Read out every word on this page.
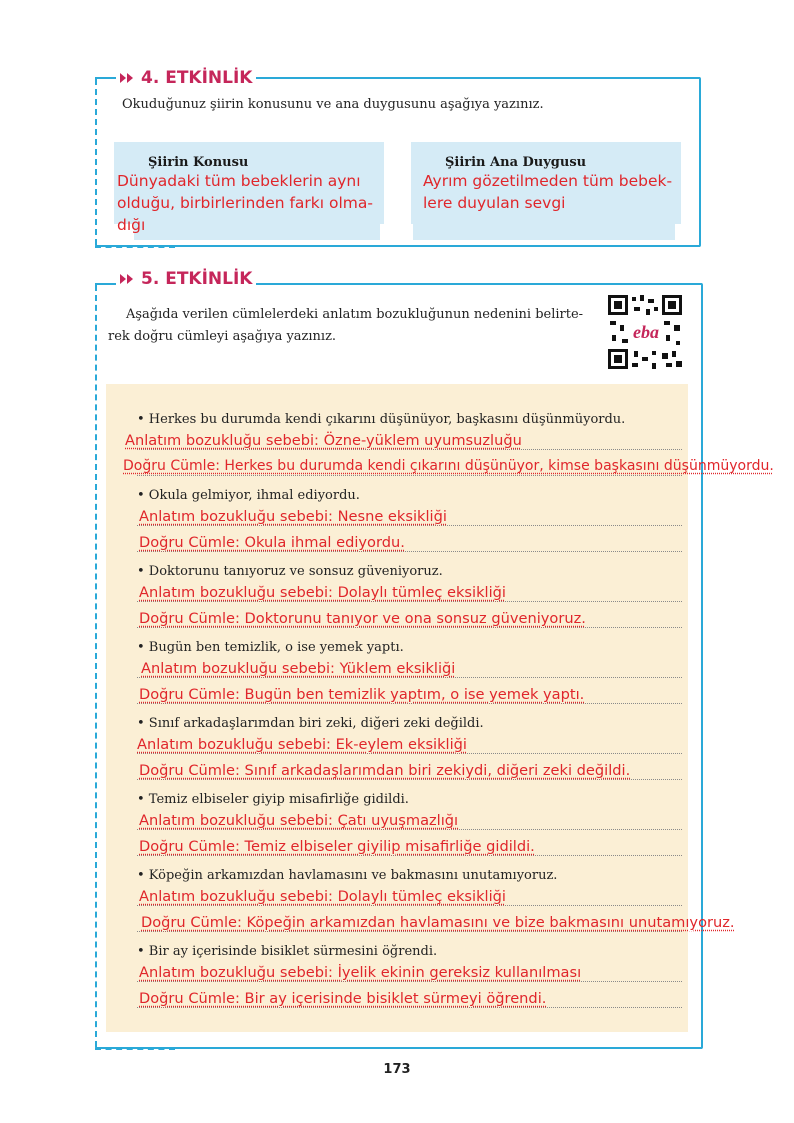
4. ETKİNLİK
Okuduğunuz şiirin konusunu ve ana duygusunu aşağıya yazınız.
Şiirin Konusu
Dünyadaki tüm bebeklerin aynı
olduğu, birbirlerinden farkı olma-
dığı
Şiirin Ana Duygusu
Ayrım gözetilmeden tüm bebek-
lere duyulan sevgi
5. ETKİNLİK
Aşağıda verilen cümlelerdeki anlatım bozukluğunun nedenini belirte-
rek doğru cümleyi aşağıya yazınız.	eba
• Herkes bu durumda kendi çıkarını düşünüyor, başkasını düşünmüyordu.
Anlatım bozukluğu sebebi: Özne-yüklem uyumsuzluğu
Doğru Cümle: Herkes bu durumda kendi çıkarını düşünüyor, kimse başkasını düşünmüyordu.
• Okula gelmiyor, ihmal ediyordu.
Anlatım bozukluğu sebebi: Nesne eksikliği
Doğru Cümle: Okula ihmal ediyordu.
• Doktorunu tanıyoruz ve sonsuz güveniyoruz.
Anlatım bozukluğu sebebi: Dolaylı tümleç eksikliği
Doğru Cümle: Doktorunu tanıyor ve ona sonsuz güveniyoruz.
• Bugün ben temizlik, o ise yemek yaptı.
Anlatım bozukluğu sebebi: Yüklem eksikliği
Doğru Cümle: Bugün ben temizlik yaptım, o ise yemek yaptı.
• Sınıf arkadaşlarımdan biri zeki, diğeri zeki değildi.
Anlatım bozukluğu sebebi: Ek-eylem eksikliği
Doğru Cümle: Sınıf arkadaşlarımdan biri zekiydi, diğeri zeki değildi.
• Temiz elbiseler giyip misafirliğe gidildi.
Anlatım bozukluğu sebebi: Çatı uyuşmazlığı
Doğru Cümle: Temiz elbiseler giyilip misafirliğe gidildi.
• Köpeğin arkamızdan havlamasını ve bakmasını unutamıyoruz.
Anlatım bozukluğu sebebi: Dolaylı tümleç eksikliği
Doğru Cümle: Köpeğin arkamızdan havlamasını ve bize bakmasını unutamıyoruz.
• Bir ay içerisinde bisiklet sürmesini öğrendi.
Anlatım bozukluğu sebebi: İyelik ekinin gereksiz kullanılması
Doğru Cümle: Bir ay içerisinde bisiklet sürmeyi öğrendi.
173
